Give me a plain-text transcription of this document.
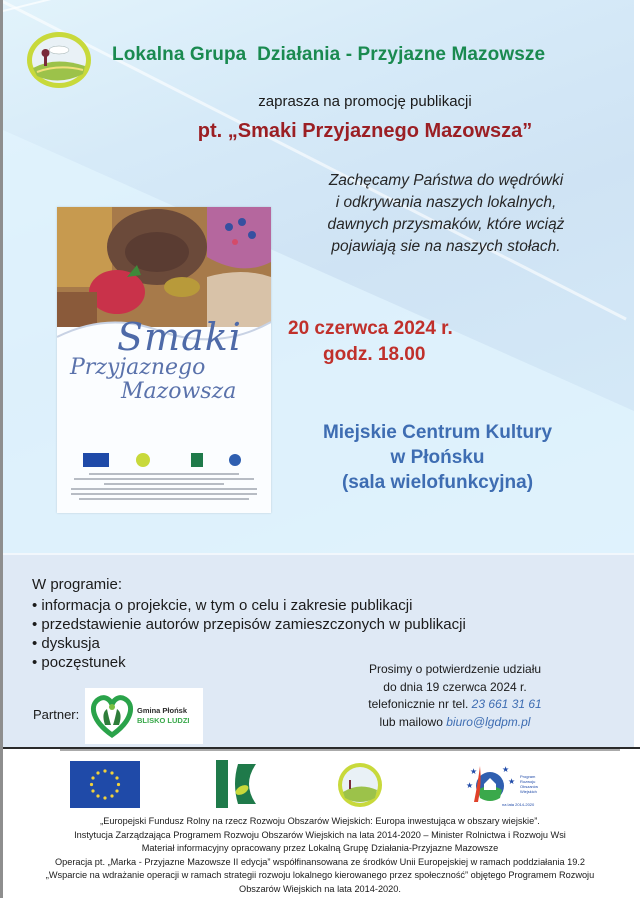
Lokalna Grupa  Działania - Przyjazne Mazowsze
zaprasza na promocję publikacji
pt. „Smaki Przyjaznego Mazowsza”
Zachęcamy Państwa do wędrówki
i odkrywania naszych lokalnych,
dawnych przysmaków, które wciąż
pojawiają sie na naszych stołach.
Smaki
Przyjaznego
Mazowsza
20 czerwca 2024 r.
godz. 18.00
Miejskie Centrum Kultury
w Płońsku
(sala wielofunkcyjna)
W programie:
• informacja o projekcie, w tym o celu i zakresie publikacji
• przedstawienie autorów przepisów zamieszczonych w publikacji
• dyskusja
• poczęstunek	Prosimy o potwierdzenie udziału
do dnia 19 czerwca 2024 r.
telefonicznie nr tel. 23 661 31 61
lub mailowo biuro@lgdpm.pl
Partner:	Gmina Płońsk
BLISKO LUDZI
LEADER	★	★
★
★
Program
Rozwoju
Obszarów
Wiejskich
na lata 2014-2020
„Europejski Fundusz Rolny na rzecz Rozwoju Obszarów Wiejskich: Europa inwestująca w obszary wiejskie”.
Instytucja Zarządzająca Programem Rozwoju Obszarów Wiejskich na lata 2014-2020 – Minister Rolnictwa i Rozwoju Wsi
Materiał informacyjny opracowany przez Lokalną Grupę Działania-Przyjazne Mazowsze
Operacja pt. „Marka - Przyjazne Mazowsze II edycja” współfinansowana ze środków Unii Europejskiej w ramach poddziałania 19.2
„Wsparcie na wdrażanie operacji w ramach strategii rozwoju lokalnego kierowanego przez społeczność” objętego Programem Rozwoju
Obszarów Wiejskich na lata 2014-2020.
